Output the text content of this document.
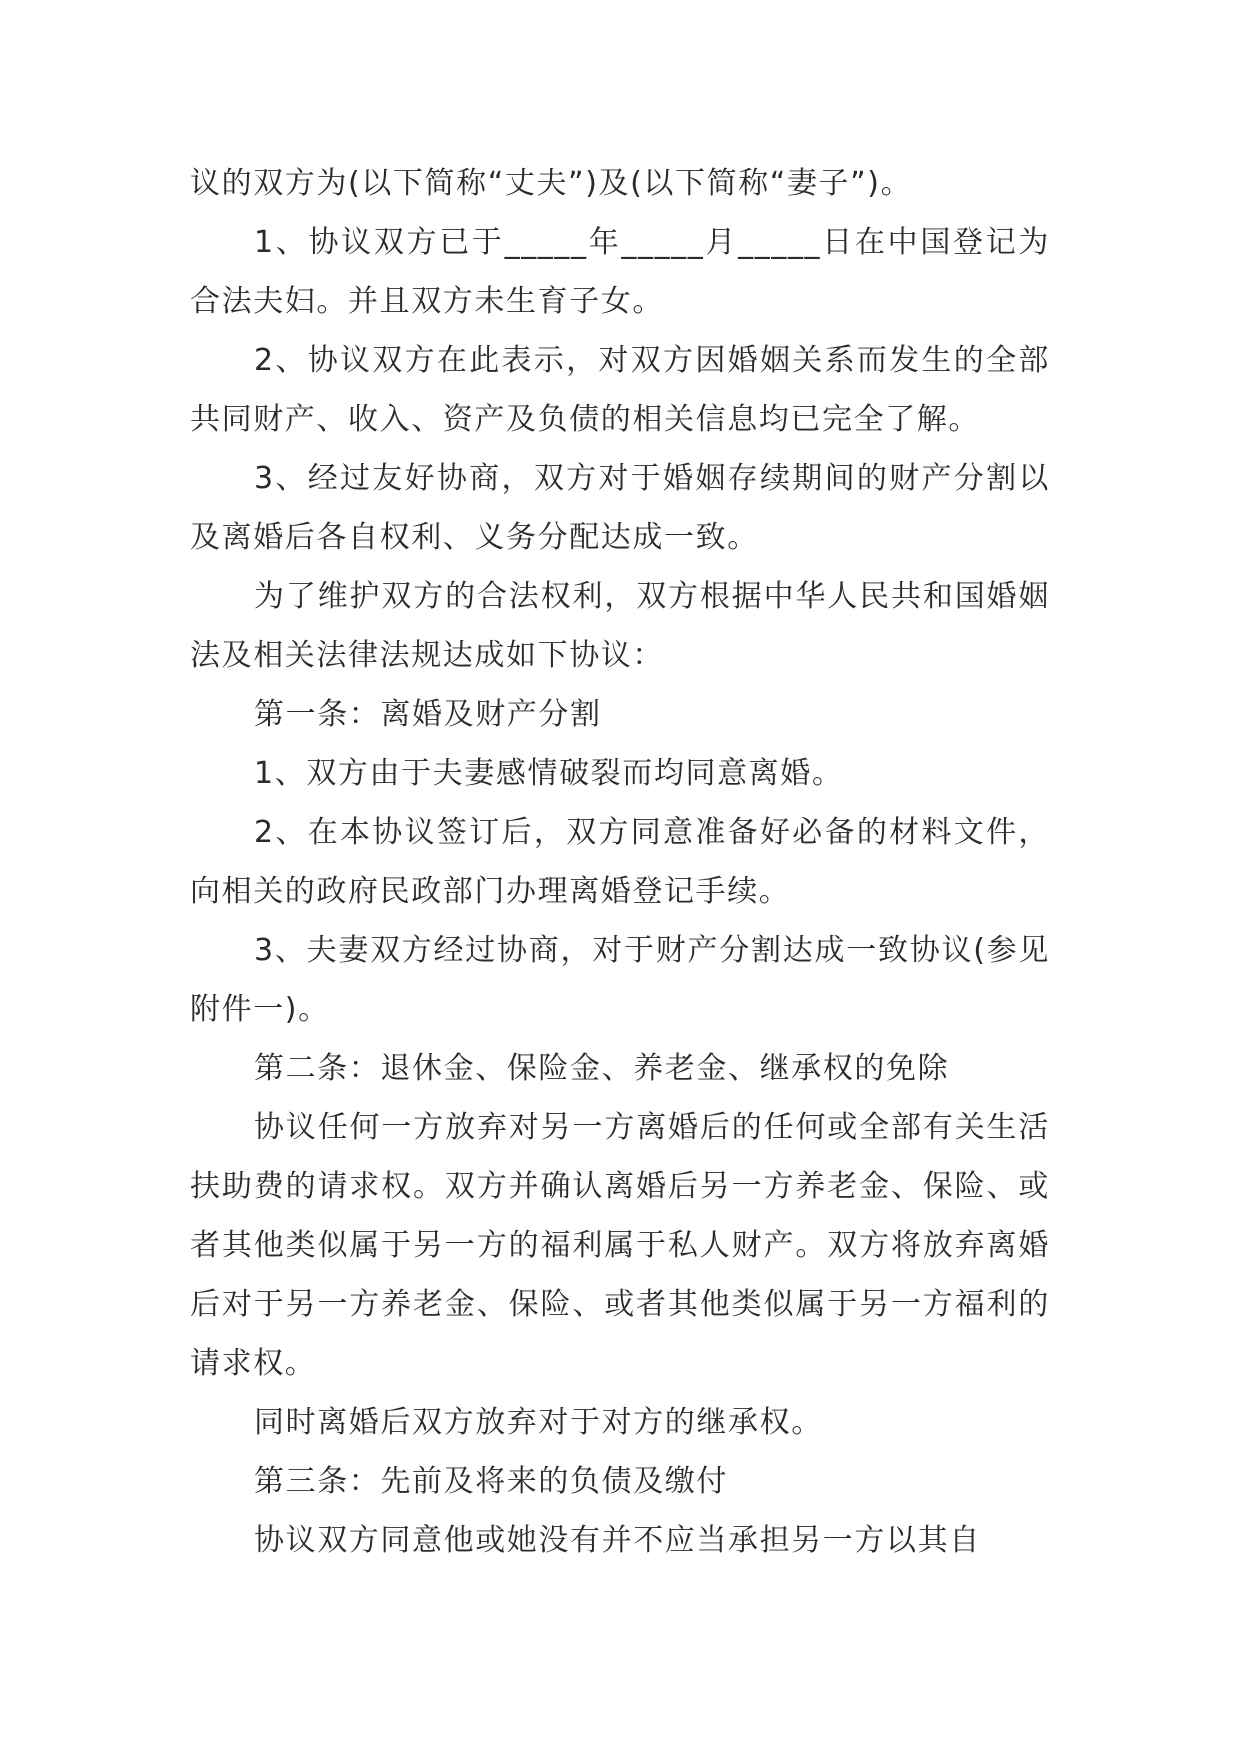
议的双方为(以下简称“丈夫”)及(以下简称“妻子”)。

1、协议双方已于_____年_____月_____日在中国登记为合法夫妇。并且双方未生育子女。

2、协议双方在此表示，对双方因婚姻关系而发生的全部共同财产、收入、资产及负债的相关信息均已完全了解。

3、经过友好协商，双方对于婚姻存续期间的财产分割以及离婚后各自权利、义务分配达成一致。

为了维护双方的合法权利，双方根据中华人民共和国婚姻法及相关法律法规达成如下协议：

第一条：离婚及财产分割

1、双方由于夫妻感情破裂而均同意离婚。

2、在本协议签订后，双方同意准备好必备的材料文件，向相关的政府民政部门办理离婚登记手续。

3、夫妻双方经过协商，对于财产分割达成一致协议(参见附件一)。

第二条：退休金、保险金、养老金、继承权的免除

协议任何一方放弃对另一方离婚后的任何或全部有关生活扶助费的请求权。双方并确认离婚后另一方养老金、保险、或者其他类似属于另一方的福利属于私人财产。双方将放弃离婚后对于另一方养老金、保险、或者其他类似属于另一方福利的请求权。

同时离婚后双方放弃对于对方的继承权。

第三条：先前及将来的负债及缴付

协议双方同意他或她没有并不应当承担另一方以其自
